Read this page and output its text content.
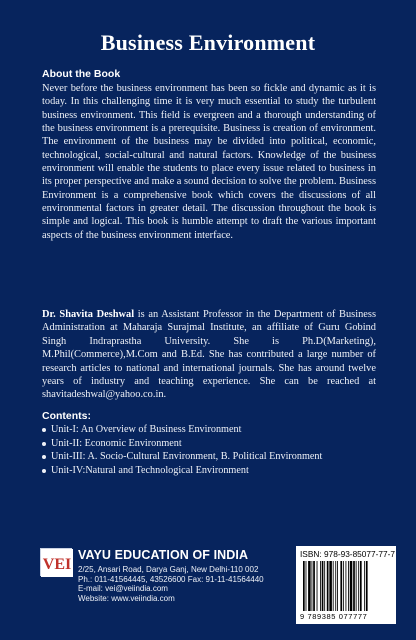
Business Environment
About the Book

Never before the business environment has been so fickle and dynamic as it is today. In this challenging time it is very much essential to study the turbulent business environment. This field is evergreen and a thorough understanding of the business environment is a prerequisite. Business is creation of environment. The environment of the business may be divided into political, economic, technological, social-cultural and natural factors. Knowledge of the business environment will enable the students to place every issue related to business in its proper perspective and make a sound decision to solve the problem. Business Environment is a comprehensive book which covers the discussions of all environmental factors in greater detail. The discussion throughout the book is simple and logical. This book is humble attempt to draft the various important aspects of the business environment interface.

Dr. Shavita Deshwal is an Assistant Professor in the Department of Business Administration at Maharaja Surajmal Institute, an affiliate of Guru Gobind Singh Indraprastha University. She is Ph.D(Marketing), M.Phil(Commerce),M.Com and B.Ed. She has contributed a large number of research articles to national and international journals. She has around twelve years of industry and teaching experience. She can be reached at shavitadeshwal@yahoo.co.in.

Contents:
Unit-I: An Overview of Business Environment
Unit-II: Economic Environment
Unit-III: A. Socio-Cultural Environment, B. Political Environment
Unit-IV:Natural and Technological Environment
VEI
VAYU EDUCATION OF INDIA
2/25, Ansari Road, Darya Ganj, New Delhi-110 002
Ph.: 011-41564445, 43526600 Fax: 91-11-41564440
E-mail: vei@veiindia.com
Website: www.veiindia.com
ISBN: 978-93-85077-77-7
9 789385 077777
